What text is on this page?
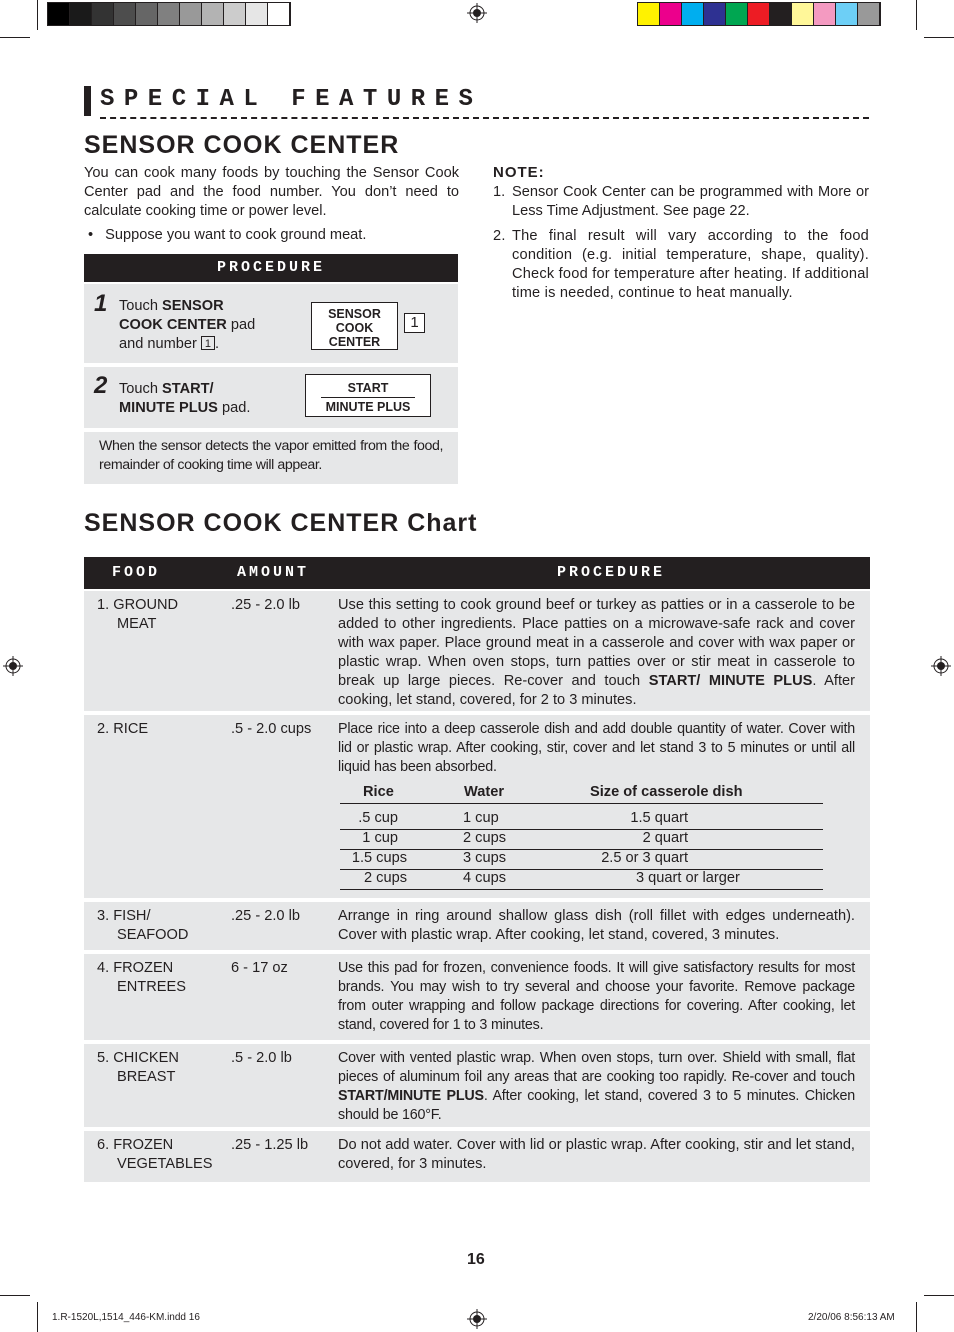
SPECIAL FEATURES
SENSOR COOK CENTER

You can cook many foods by touching the Sensor Cook Center pad and the food number. You don’t need to calculate cooking time or power level.

• Suppose you want to cook ground meat.
PROCEDURE
1 Touch SENSOR
COOK CENTER pad
and number 1 .
SENSOR
COOK
CENTER
1
2 Touch START/
MINUTE PLUS pad.
START
MINUTE PLUS
When the sensor detects the vapor emitted from the food, remainder of cooking time will appear.
NOTE:
1. Sensor Cook Center can be programmed with More or Less Time Adjustment. See page 22.
2. The final result will vary according to the food condition (e.g. initial temperature, shape, quality). Check food for temperature after heating. If additional time is needed, continue to heat manually.
SENSOR COOK CENTER Chart
FOOD	AMOUNT	PROCEDURE
1. GROUND
MEAT
.25 - 2.0 lb	Use this setting to cook ground beef or turkey as patties or in a casserole to be added to other ingredients. Place patties on a microwave-safe rack and cover with wax paper. Place ground meat in a casserole and cover with wax paper or plastic wrap. When oven stops, turn patties over or stir meat in casserole to break up large pieces. Re-cover and touch START/ MINUTE PLUS. After cooking, let stand, covered, for 2 to 3 minutes.
2. RICE	.5 - 2.0 cups Place rice into a deep casserole dish and add double quantity of water. Cover with lid or plastic wrap. After cooking, stir, cover and let stand 3 to 5 minutes or until all liquid has been absorbed.
Rice	Water	Size of casserole dish
.5 cup	1 cup	1.5 quart
1 cup	2 cups	2 quart
1.5 cups	3 cups	2.5 or 3 quart
2 cups	4 cups	3 quart or larger
3. FISH/
SEAFOOD
.25 - 2.0 lb	Arrange in ring around shallow glass dish (roll fillet with edges underneath). Cover with plastic wrap. After cooking, let stand, covered, 3 minutes.
4. FROZEN
ENTREES
6 - 17 oz	Use this pad for frozen, convenience foods. It will give satisfactory results for most brands. You may wish to try several and choose your favorite. Remove package from outer wrapping and follow package directions for covering. After cooking, let stand, covered for 1 to 3 minutes.
5. CHICKEN
BREAST
.5 - 2.0 lb	Cover with vented plastic wrap. When oven stops, turn over. Shield with small, flat pieces of aluminum foil any areas that are cooking too rapidly. Re-cover and touch START/MINUTE PLUS. After cooking, let stand, covered 3 to 5 minutes. Chicken should be 160°F.
6. FROZEN
VEGETABLES
.25 - 1.25 lb Do not add water. Cover with lid or plastic wrap. After cooking, stir and let stand, covered, for 3 minutes.
16
1.R-1520L,1514_446-KM.indd 16	2/20/06 8:56:13 AM
